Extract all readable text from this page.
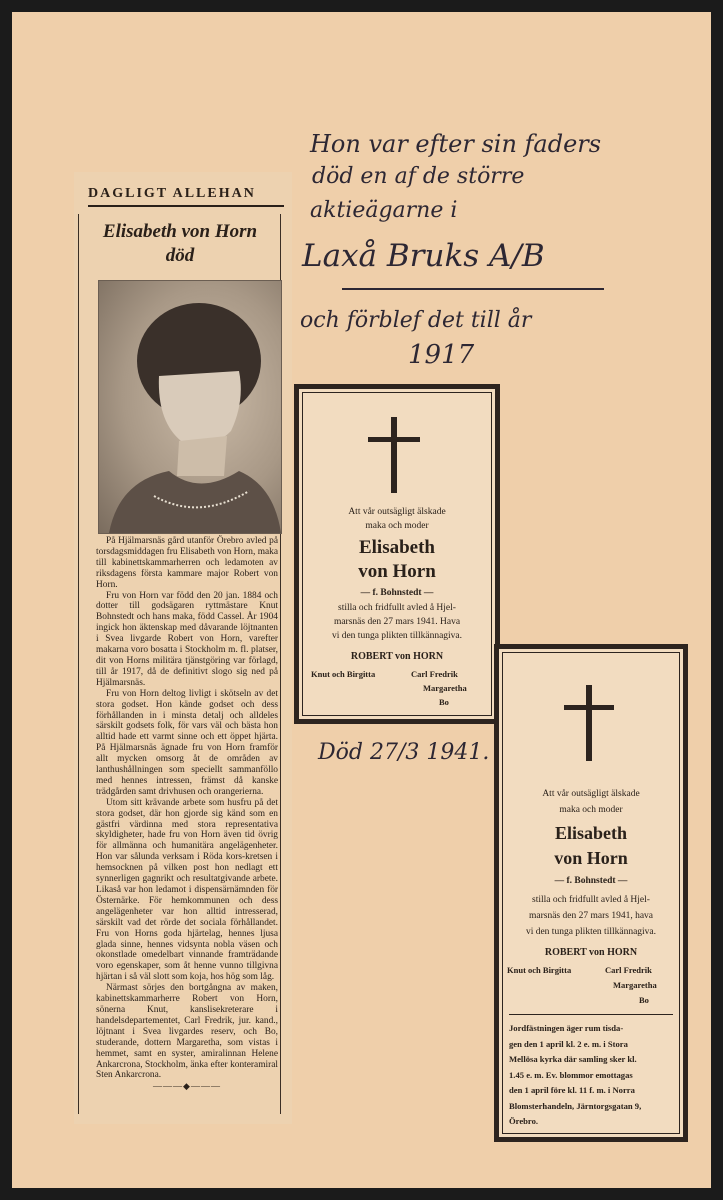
DAGLIGT ALLEHAN
Elisabeth von Horn
död

På Hjälmarsnäs gård utanför Örebro avled på torsdagsmiddagen fru Elisabeth von Horn, maka till kabinettskammarherren och ledamoten av riksdagens första kammare major Robert von Horn.

Fru von Horn var född den 20 jan. 1884 och dotter till godsägaren ryttmästare Knut Bohnstedt och hans maka, född Cassel. År 1904 ingick hon äktenskap med dåvarande löjtnanten i Svea livgarde Robert von Horn, varefter makarna voro bosatta i Stockholm m. fl. platser, dit von Horns militära tjänstgöring var förlagd, till år 1917, då de definitivt slogo sig ned på Hjälmarsnäs.

Fru von Horn deltog livligt i skötseln av det stora godset. Hon kände godset och dess förhållanden in i minsta detalj och alldeles särskilt godsets folk, för vars väl och bästa hon alltid hade ett varmt sinne och ett öppet hjärta. På Hjälmarsnäs ägnade fru von Horn framför allt mycken omsorg åt de områden av lanthushållningen som speciellt sammanföllo med hennes intressen, främst då kanske trädgården samt drivhusen och orangerierna.

Utom sitt krävande arbete som husfru på det stora godset, där hon gjorde sig känd som en gästfri värdinna med stora representativa skyldigheter, hade fru von Horn även tid övrig för allmänna och humanitära angelägenheter. Hon var sålunda verksam i Röda kors-kretsen i hemsocknen på vilken post hon nedlagt ett synnerligen gagnrikt och resultatgivande arbete. Likaså var hon ledamot i dispensärnämnden för Östernärke. För hemkommunen och dess angelägenheter var hon alltid intresserad, särskilt vad det rörde det sociala förhållandet. Fru von Horns goda hjärtelag, hennes ljusa glada sinne, hennes vidsynta nobla väsen och okonstlade omedelbart vinnande framträdande voro egenskaper, som åt henne vunno tillgivna hjärtan i så väl slott som koja, hos hög som låg.

Närmast sörjes den bortgångna av maken, kabinettskammarherre Robert von Horn, sönerna Knut, kanslisekreterare i handelsdepartementet, Carl Fredrik, jur. kand., löjtnant i Svea livgardes reserv, och Bo, studerande, dottern Margaretha, som vistas i hemmet, samt en syster, amiralinnan Helene Ankarcrona, Stockholm, änka efter konteramiral Sten Ankarcrona.

———◆———
Hon var efter sin faders
död en af de större
aktieägarne i
Laxå Bruks A/B
och förblef det till år
1917
Död 27/3 1941.
Att vår outsägligt älskade
maka och moder
Elisabeth
von Horn
— f. Bohnstedt —
stilla och fridfullt avled å Hjel-
marsnäs den 27 mars 1941. Hava
vi den tunga plikten tillkännagiva.
ROBERT von HORN
Knut och Birgitta	Carl Fredrik
Margaretha
Bo
Att vår outsägligt älskade
maka och moder
Elisabeth
von Horn
— f. Bohnstedt —
stilla och fridfullt avled å Hjel-
marsnäs den 27 mars 1941, hava
vi den tunga plikten tillkännagiva.
ROBERT von HORN
Knut och Birgitta	Carl Fredrik
Margaretha
Bo
Jordfästningen äger rum tisda-
gen den 1 april kl. 2 e. m. i Stora
Mellösa kyrka där samling sker kl.
1.45 e. m. Ev. blommor emottagas
den 1 april före kl. 11 f. m. i Norra
Blomsterhandeln, Järntorgsgatan 9,
Örebro.
